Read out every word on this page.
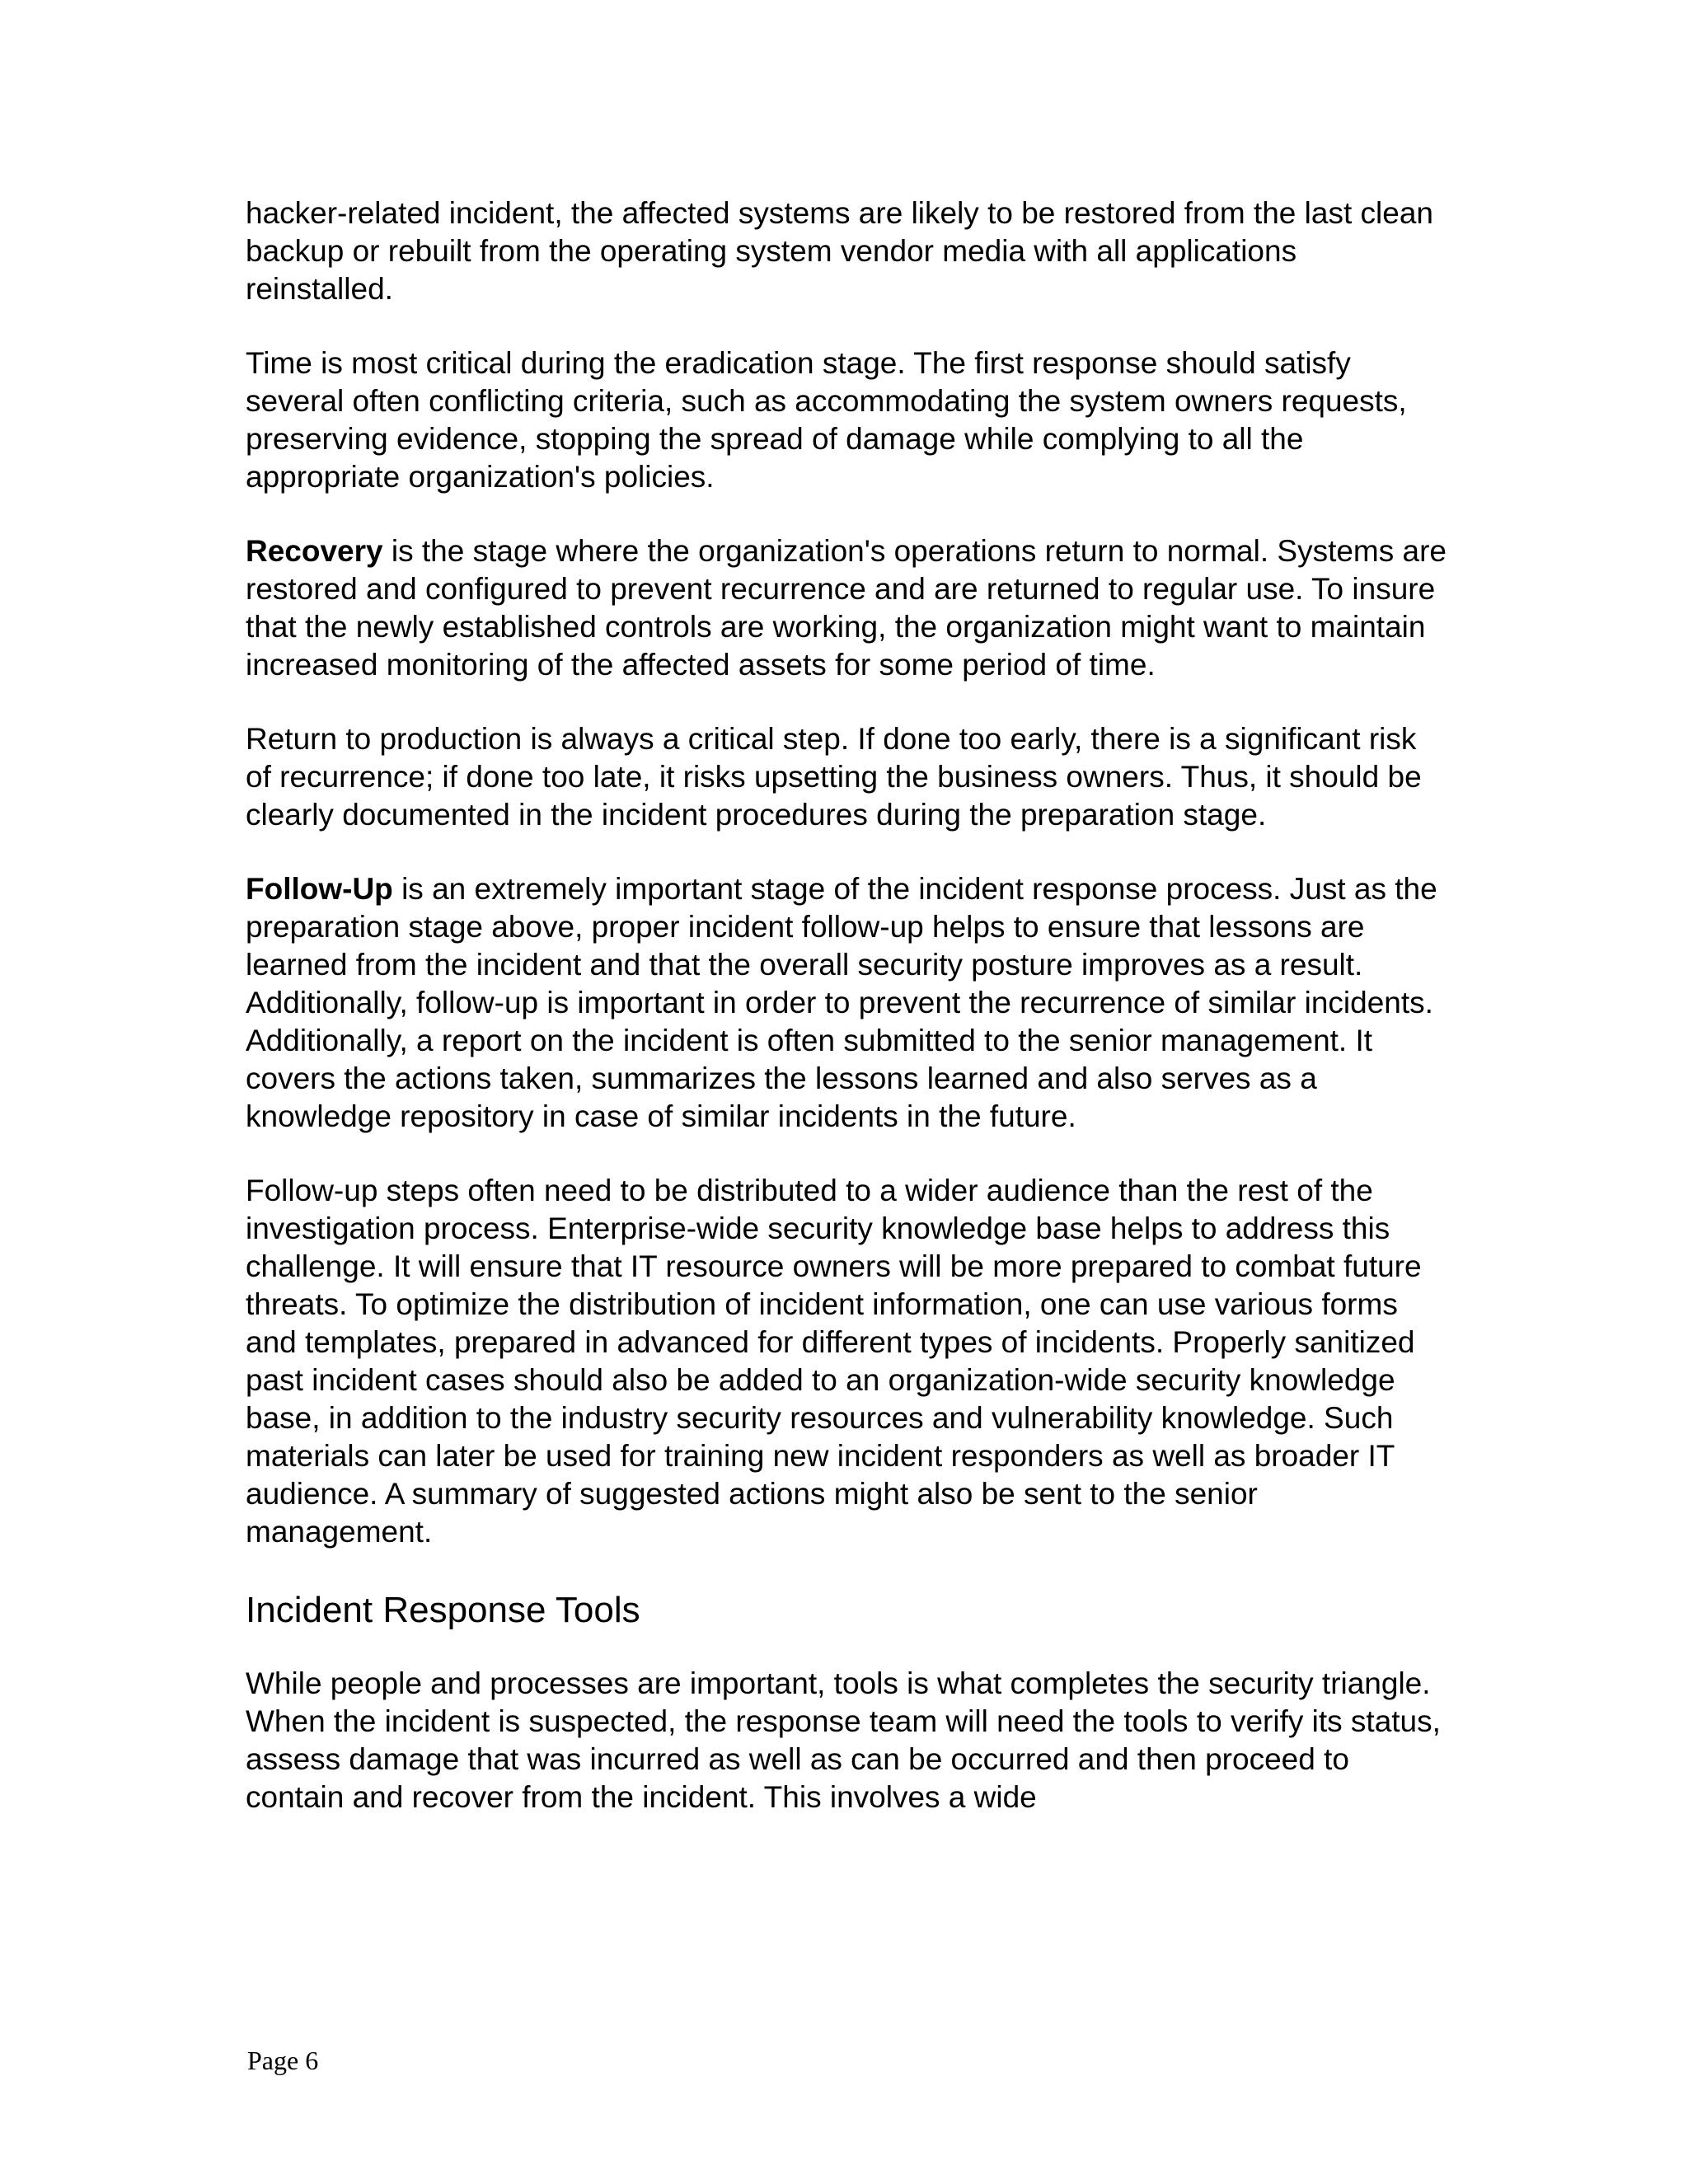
hacker-related incident, the affected systems are likely to be restored from the last clean backup or rebuilt from the operating system vendor media with all applications reinstalled.

Time is most critical during the eradication stage. The first response should satisfy several often conflicting criteria, such as accommodating the system owners requests, preserving evidence, stopping the spread of damage while complying to all the appropriate organization's policies.

Recovery is the stage where the organization's operations return to normal. Systems are restored and configured to prevent recurrence and are returned to regular use. To insure that the newly established controls are working, the organization might want to maintain increased monitoring of the affected assets for some period of time.

Return to production is always a critical step. If done too early, there is a significant risk of recurrence; if done too late, it risks upsetting the business owners. Thus, it should be clearly documented in the incident procedures during the preparation stage.

Follow-Up is an extremely important stage of the incident response process. Just as the preparation stage above, proper incident follow-up helps to ensure that lessons are learned from the incident and that the overall security posture improves as a result. Additionally, follow-up is important in order to prevent the recurrence of similar incidents. Additionally, a report on the incident is often submitted to the senior management. It covers the actions taken, summarizes the lessons learned and also serves as a knowledge repository in case of similar incidents in the future.

Follow-up steps often need to be distributed to a wider audience than the rest of the investigation process. Enterprise-wide security knowledge base helps to address this challenge. It will ensure that IT resource owners will be more prepared to combat future threats. To optimize the distribution of incident information, one can use various forms and templates, prepared in advanced for different types of incidents. Properly sanitized past incident cases should also be added to an organization-wide security knowledge base, in addition to the industry security resources and vulnerability knowledge. Such materials can later be used for training new incident responders as well as broader IT audience. A summary of suggested actions might also be sent to the senior management.

Incident Response Tools

While people and processes are important, tools is what completes the security triangle. When the incident is suspected, the response team will need the tools to verify its status, assess damage that was incurred as well as can be occurred and then proceed to contain and recover from the incident. This involves a wide

Page 6
